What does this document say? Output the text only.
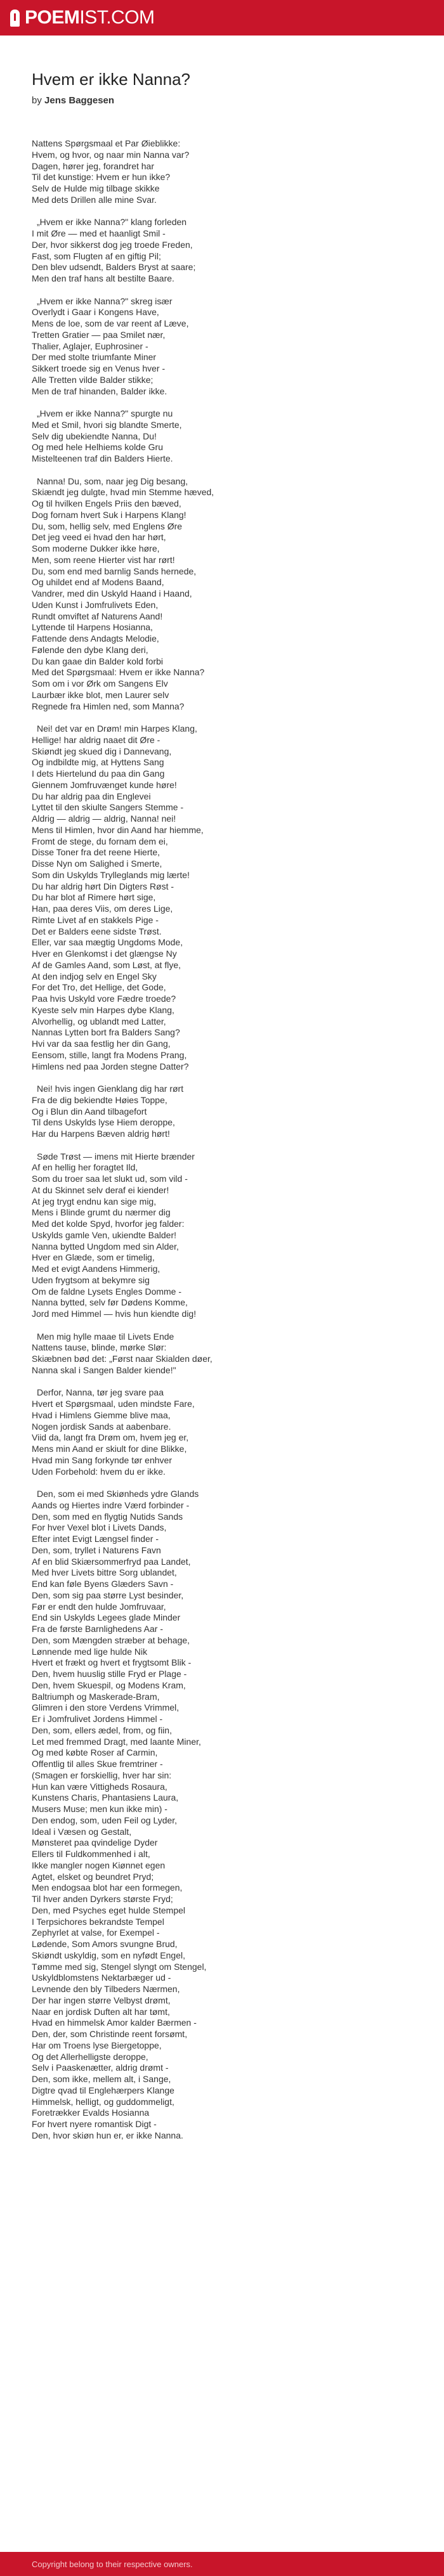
POEMIST.COM
Hvem er ikke Nanna?
by Jens Baggesen
Nattens Spørgsmaal et Par Øieblikke:
Hvem, og hvor, og naar min Nanna var?
Dagen, hører jeg, forandret har
Til det kunstige: Hvem er hun ikke?
Selv de Hulde mig tilbage skikke
Med dets Drillen alle mine Svar.
„Hvem er ikke Nanna?" klang forleden
I mit Øre — med et haanligt Smil -
Der, hvor sikkerst dog jeg troede Freden,
Fast, som Flugten af en giftig Pil;
Den blev udsendt, Balders Bryst at saare;
Men den traf hans alt bestilte Baare.
„Hvem er ikke Nanna?" skreg især
Overlydt i Gaar i Kongens Have,
Mens de loe, som de var reent af Læve,
Tretten Gratier — paa Smilet nær,
Thalier, Aglajer, Euphrosiner -
Der med stolte triumfante Miner
Sikkert troede sig en Venus hver -
Alle Tretten vilde Balder stikke;
Men de traf hinanden, Balder ikke.
„Hvem er ikke Nanna?" spurgte nu
Med et Smil, hvori sig blandte Smerte,
Selv dig ubekiendte Nanna, Du!
Og med hele Helhiems kolde Gru
Mistelteenen traf din Balders Hierte.
Nanna! Du, som, naar jeg Dig besang,
Skiændt jeg dulgte, hvad min Stemme hæved,
Og til hvilken Engels Priis den bæved,
Dog fornam hvert Suk i Harpens Klang!
Du, som, hellig selv, med Englens Øre
Det jeg veed ei hvad den har hørt,
Som moderne Dukker ikke høre,
Men, som reene Hierter vist har rørt!
Du, som end med barnlig Sands hernede,
Og uhildet end af Modens Baand,
Vandrer, med din Uskyld Haand i Haand,
Uden Kunst i Jomfrulivets Eden,
Rundt omviftet af Naturens Aand!
Lyttende til Harpens Hosianna,
Fattende dens Andagts Melodie,
Følende den dybe Klang deri,
Du kan gaae din Balder kold forbi
Med det Spørgsmaal: Hvem er ikke Nanna?
Som om i vor Ørk om Sangens Elv
Laurbær ikke blot, men Laurer selv
Regnede fra Himlen ned, som Manna?
Nei! det var en Drøm! min Harpes Klang,
Hellige! har aldrig naaet dit Øre -
Skiøndt jeg skued dig i Dannevang,
Og indbildte mig, at Hyttens Sang
I dets Hiertelund du paa din Gang
Giennem Jomfruvænget kunde høre!
Du har aldrig paa din Englevei
Lyttet til den skiulte Sangers Stemme -
Aldrig — aldrig — aldrig, Nanna! nei!
Mens til Himlen, hvor din Aand har hiemme,
Fromt de stege, du fornam dem ei,
Disse Toner fra det reene Hierte,
Disse Nyn om Salighed i Smerte,
Som din Uskylds Trylleglands mig lærte!
Du har aldrig hørt Din Digters Røst -
Du har blot af Rimere hørt sige,
Han, paa deres Viis, om deres Lige,
Rimte Livet af en stakkels Pige -
Det er Balders eene sidste Trøst.
Eller, var saa mægtig Ungdoms Mode,
Hver en Glenkomst i det glængse Ny
Af de Gamles Aand, som Løst, at flye,
At den indjog selv en Engel Sky
For det Tro, det Hellige, det Gode,
Paa hvis Uskyld vore Fædre troede?
Kyeste selv min Harpes dybe Klang,
Alvorhellig, og ublandt med Latter,
Nannas Lytten bort fra Balders Sang?
Hvi var da saa festlig her din Gang,
Eensom, stille, langt fra Modens Prang,
Himlens ned paa Jorden stegne Datter?
Nei! hvis ingen Gienklang dig har rørt
Fra de dig bekiendte Høies Toppe,
Og i Blun din Aand tilbagefort
Til dens Uskylds lyse Hiem deroppe,
Har du Harpens Bæven aldrig hørt!
Søde Trøst — imens mit Hierte brænder
Af en hellig her foragtet Ild,
Som du troer saa let slukt ud, som vild -
At du Skinnet selv deraf ei kiender!
At jeg trygt endnu kan sige mig,
Mens i Blinde grumt du nærmer dig
Med det kolde Spyd, hvorfor jeg falder:
Uskylds gamle Ven, ukiendte Balder!
Nanna bytted Ungdom med sin Alder,
Hver en Glæde, som er timelig,
Med et evigt Aandens Himmerig,
Uden frygtsom at bekymre sig
Om de faldne Lysets Engles Domme -
Nanna bytted, selv før Dødens Komme,
Jord med Himmel — hvis hun kiendte dig!
Men mig hylle maae til Livets Ende
Nattens tause, blinde, mørke Slør:
Skiæbnen bød det: „Først naar Skialden døer,
Nanna skal i Sangen Balder kiende!"
Derfor, Nanna, tør jeg svare paa
Hvert et Spørgsmaal, uden mindste Fare,
Hvad i Himlens Giemme blive maa,
Nogen jordisk Sands at aabenbare.
Viid da, langt fra Drøm om, hvem jeg er,
Mens min Aand er skiult for dine Blikke,
Hvad min Sang forkynde tør enhver
Uden Forbehold: hvem du er ikke.
Den, som ei med Skiønheds ydre Glands
Aands og Hiertes indre Værd forbinder -
Den, som med en flygtig Nutids Sands
For hver Vexel blot i Livets Dands,
Efter intet Evigt Længsel finder -
Den, som, tryllet i Naturens Favn
Af en blid Skiærsommerfryd paa Landet,
Med hver Livets bittre Sorg ublandet,
End kan føle Byens Glæders Savn -
Den, som sig paa større Lyst besinder,
Før er endt den hulde Jomfruvaar,
End sin Uskylds Legees glade Minder
Fra de første Barnlighedens Aar -
Den, som Mængden stræber at behage,
Lønnende med lige hulde Nik
Hvert et frækt og hvert et frygtsomt Blik -
Den, hvem huuslig stille Fryd er Plage -
Den, hvem Skuespil, og Modens Kram,
Baltriumph og Maskerade-Bram,
Glimren i den store Verdens Vrimmel,
Er i Jomfrulivet Jordens Himmel -
Den, som, ellers ædel, from, og fiin,
Let med fremmed Dragt, med laante Miner,
Og med købte Roser af Carmin,
Offentlig til alles Skue fremtriner -
(Smagen er forskiellig, hver har sin:
Hun kan være Vittigheds Rosaura,
Kunstens Charis, Phantasiens Laura,
Musers Muse; men kun ikke min) -
Den endog, som, uden Feil og Lyder,
Ideal i Væsen og Gestalt,
Mønsteret paa qvindelige Dyder
Ellers til Fuldkommenhed i alt,
Ikke mangler nogen Kiønnet egen
Agtet, elsket og beundret Pryd;
Men endogsaa blot har een formegen,
Til hver anden Dyrkers største Fryd;
Den, med Psyches eget hulde Stempel
I Terpsichores bekrandste Tempel
Zephyrlet at valse, for Exempel -
Lødende, Som Amors svungne Brud,
Skiøndt uskyldig, som en nyfødt Engel,
Tømme med sig, Stengel slyngt om Stengel,
Uskyldblomstens Nektarbæger ud -
Levnende den bly Tilbeders Nærmen,
Der har ingen større Velbyst drømt,
Naar en jordisk Duften alt har tømt,
Hvad en himmelsk Amor kalder Bærmen -
Den, der, som Christinde reent forsømt,
Har om Troens lyse Biergetoppe,
Og det Allerhelligste deroppe,
Selv i Paaskenætter, aldrig drømt -
Den, som ikke, mellem alt, i Sange,
Digtre qvad til Englehærpers Klange
Himmelsk, helligt, og guddommeligt,
Foretrækker Evalds Hosianna
For hvert nyere romantisk Digt -
Den, hvor skiøn hun er, er ikke Nanna.
Copyright belong to their respective owners.
